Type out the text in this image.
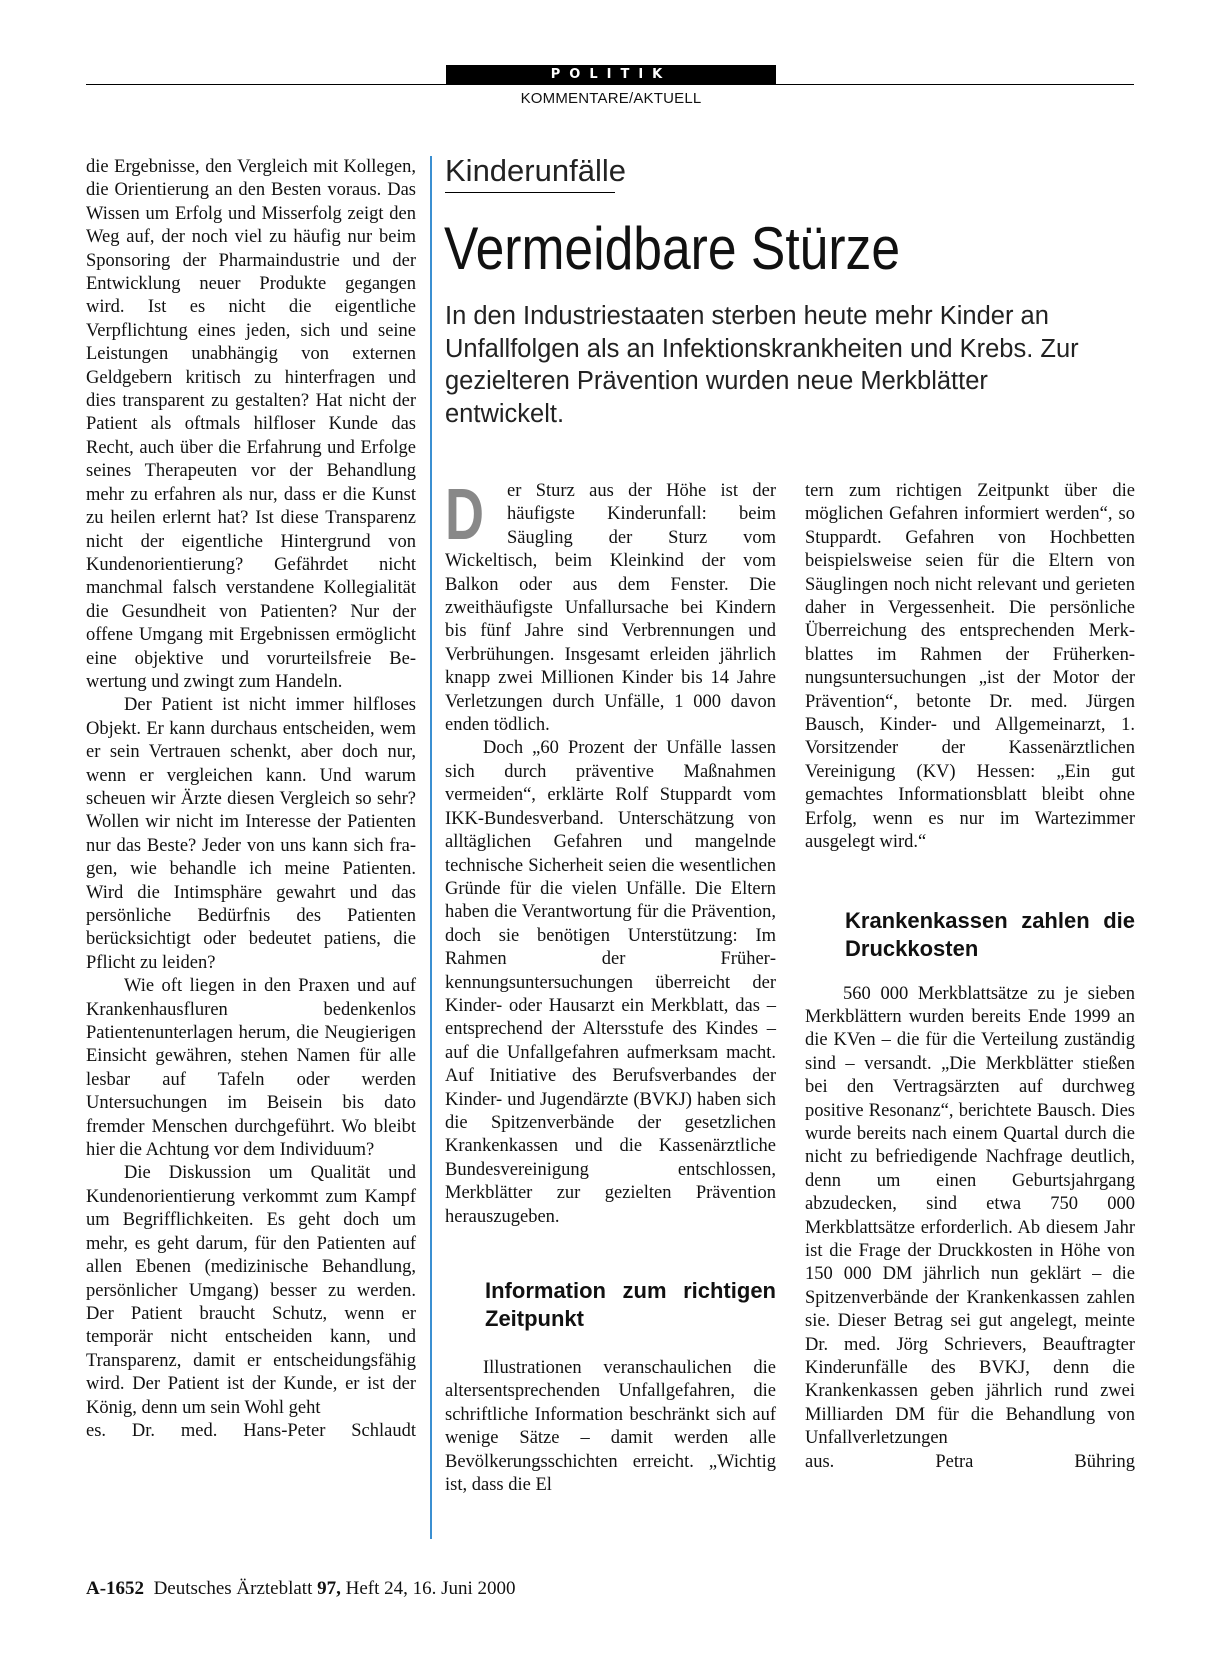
POLITIK
KOMMENTARE/AKTUELL

die Ergebnisse, den Vergleich mit Kollegen, die Orientierung an den Besten voraus. Das Wissen um Erfolg und Misserfolg zeigt den Weg auf, der noch viel zu häufig nur beim Sponsoring der Pharmaindustrie und der Entwicklung neuer Produkte gegangen wird. Ist es nicht die eigentliche Verpflichtung eines jeden, sich und seine Leistungen unabhängig von externen Geldgebern kritisch zu hinterfragen und dies transparent zu gestalten? Hat nicht der Patient als oftmals hilfloser Kunde das Recht, auch über die Erfahrung und Erfolge seines Therapeuten vor der Behandlung mehr zu erfahren als nur, dass er die Kunst zu heilen erlernt hat? Ist diese Transparenz nicht der eigentliche Hintergrund von Kundenorientierung? Gefährdet nicht manchmal falsch verstandene Kollegialität die Gesundheit von Patienten? Nur der offene Umgang mit Ergebnissen ermöglicht eine objektive und vorurteilsfreie Bewertung und zwingt zum Handeln.

Der Patient ist nicht immer hilfloses Objekt. Er kann durchaus entscheiden, wem er sein Vertrauen schenkt, aber doch nur, wenn er vergleichen kann. Und warum scheuen wir Ärzte diesen Vergleich so sehr? Wollen wir nicht im Interesse der Patienten nur das Beste? Jeder von uns kann sich fragen, wie behandle ich meine Patienten. Wird die Intimsphäre gewahrt und das persönliche Bedürfnis des Patienten berücksichtigt oder bedeutet patiens, die Pflicht zu leiden?

Wie oft liegen in den Praxen und auf Krankenhausfluren bedenkenlos Patientenunterlagen herum, die Neugierigen Einsicht gewähren, stehen Namen für alle lesbar auf Tafeln oder werden Untersuchungen im Beisein bis dato fremder Menschen durchgeführt. Wo bleibt hier die Achtung vor dem Individuum?

Die Diskussion um Qualität und Kundenorientierung verkommt zum Kampf um Begrifflichkeiten. Es geht doch um mehr, es geht darum, für den Patienten auf allen Ebenen (medizinische Behandlung, persönlicher Umgang) besser zu werden. Der Patient braucht Schutz, wenn er temporär nicht entscheiden kann, und Transparenz, damit er entscheidungsfähig wird. Der Patient ist der Kunde, er ist der König, denn um sein Wohl geht

es. Dr. med. Hans-Peter Schlaudt

Kinderunfälle
Vermeidbare Stürze
In den Industriestaaten sterben heute mehr Kinder an Unfallfolgen als an Infektionskrankheiten und Krebs. Zur gezielteren Prävention wurden neue Merkblätter entwickelt.

D er Sturz aus der Höhe ist der häufigste Kinderunfall: beim Säugling der Sturz vom Wickeltisch, beim Kleinkind der vom Balkon oder aus dem Fenster. Die zweithäufigste Unfallursache bei Kindern bis fünf Jahre sind Verbrennungen und Verbrühungen. Insgesamt erleiden jährlich knapp zwei Millionen Kinder bis 14 Jahre Verletzungen durch Unfälle, 1 000 davon enden tödlich.

Doch „60 Prozent der Unfälle lassen sich durch präventive Maßnahmen vermeiden“, erklärte Rolf Stuppardt vom IKK-Bundesverband. Unterschätzung von alltäglichen Gefahren und mangelnde technische Sicherheit seien die wesentlichen Gründe für die vielen Unfälle. Die Eltern haben die Verantwortung für die Prävention, doch sie benötigen Unterstützung: Im Rahmen der Früherkennungsuntersuchungen überreicht der Kinder- oder Hausarzt ein Merkblatt, das – entsprechend der Altersstufe des Kindes – auf die Unfallgefahren aufmerksam macht. Auf Initiative des Berufsverbandes der Kinder- und Jugendärzte (BVKJ) haben sich die Spitzenverbände der gesetzlichen Krankenkassen und die Kassenärztliche Bundesvereinigung entschlossen, Merkblätter zur gezielten Prävention herauszugeben.

Information zum richtigen Zeitpunkt

Illustrationen veranschaulichen die altersentsprechenden Unfallgefahren, die schriftliche Information beschränkt sich auf wenige Sätze – damit werden alle Bevölkerungsschichten erreicht. „Wichtig ist, dass die El

tern zum richtigen Zeitpunkt über die möglichen Gefahren informiert werden“, so Stuppardt. Gefahren von Hochbetten beispielsweise seien für die Eltern von Säuglingen noch nicht relevant und gerieten daher in Vergessenheit. Die persönliche Überreichung des entsprechenden Merkblattes im Rahmen der Früherkennungsuntersuchungen „ist der Motor der Prävention“, betonte Dr. med. Jürgen Bausch, Kinder- und Allgemeinarzt, 1. Vorsitzender der Kassenärztlichen Vereinigung (KV) Hessen: „Ein gut gemachtes Informationsblatt bleibt ohne Erfolg, wenn es nur im Wartezimmer ausgelegt wird.“

Krankenkassen zahlen die Druckkosten

560 000 Merkblattsätze zu je sieben Merkblättern wurden bereits Ende 1999 an die KVen – die für die Verteilung zuständig sind – versandt. „Die Merkblätter stießen bei den Vertragsärzten auf durchweg positive Resonanz“, berichtete Bausch. Dies wurde bereits nach einem Quartal durch die nicht zu befriedigende Nachfrage deutlich, denn um einen Geburtsjahrgang abzudecken, sind etwa 750 000 Merkblattsätze erforderlich. Ab diesem Jahr ist die Frage der Druckkosten in Höhe von 150 000 DM jährlich nun geklärt – die Spitzenverbände der Krankenkassen zahlen sie. Dieser Betrag sei gut angelegt, meinte Dr. med. Jörg Schrievers, Beauftragter Kinderunfälle des BVKJ, denn die Krankenkassen geben jährlich rund zwei Milliarden DM für die Behandlung von Unfallverletzungen

aus.	Petra Bühring

A-1652 Deutsches Ärzteblatt 97, Heft 24, 16. Juni 2000
